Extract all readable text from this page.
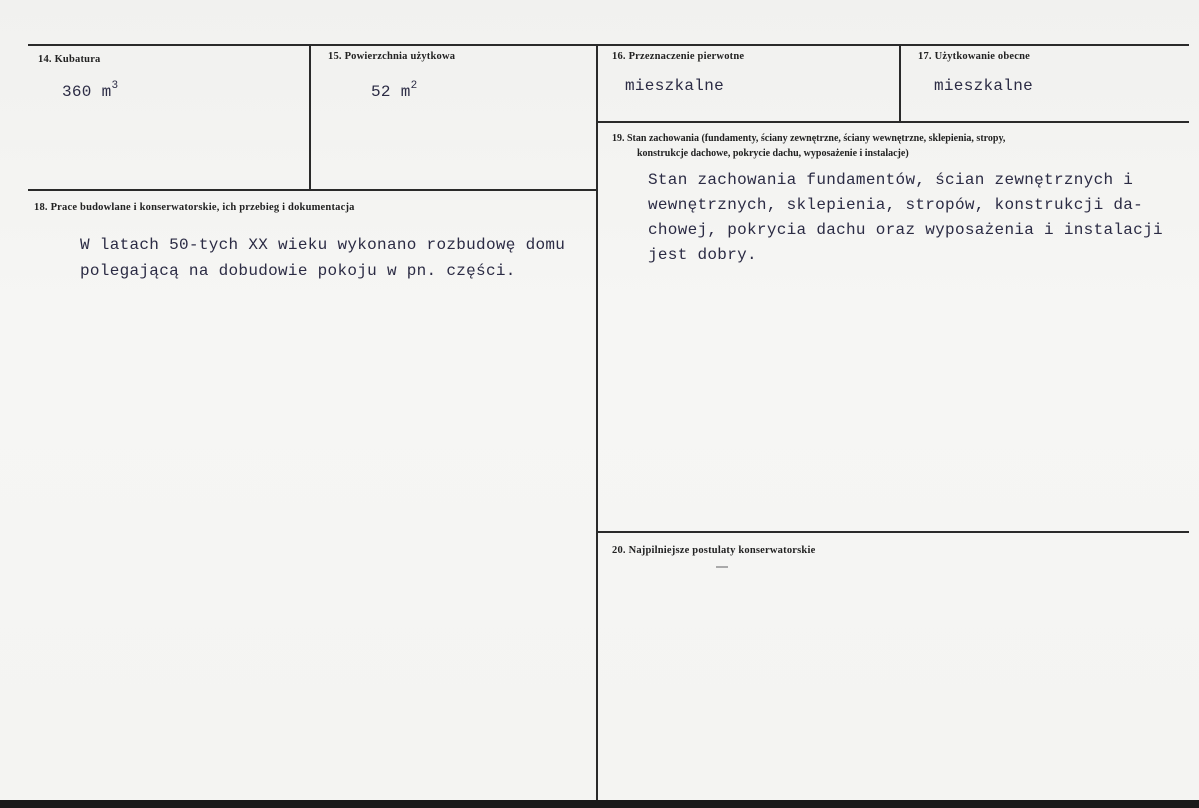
14. Kubatura
360 $m^3$
15. Powierzchnia użytkowa
52 $m^2$
16. Przeznaczenie pierwotne
mieszkalne
17. Użytkowanie obecne
mieszkalne
19. Stan zachowania (fundamenty, ściany zewnętrzne, ściany wewnętrzne, sklepienia, stropy,
konstrukcje dachowe, pokrycie dachu, wyposażenie i instalacje)
Stan zachowania fundamentów, ścian zewnętrznych i
wewnętrznych, sklepienia, stropów, konstrukcji da-
chowej, pokrycia dachu oraz wyposażenia i instalacji
jest dobry.
18. Prace budowlane i konserwatorskie, ich przebieg i dokumentacja
W latach 50-tych XX wieku wykonano rozbudowę domu
polegającą na dobudowie pokoju w pn. części.
20. Najpilniejsze postulaty konserwatorskie
